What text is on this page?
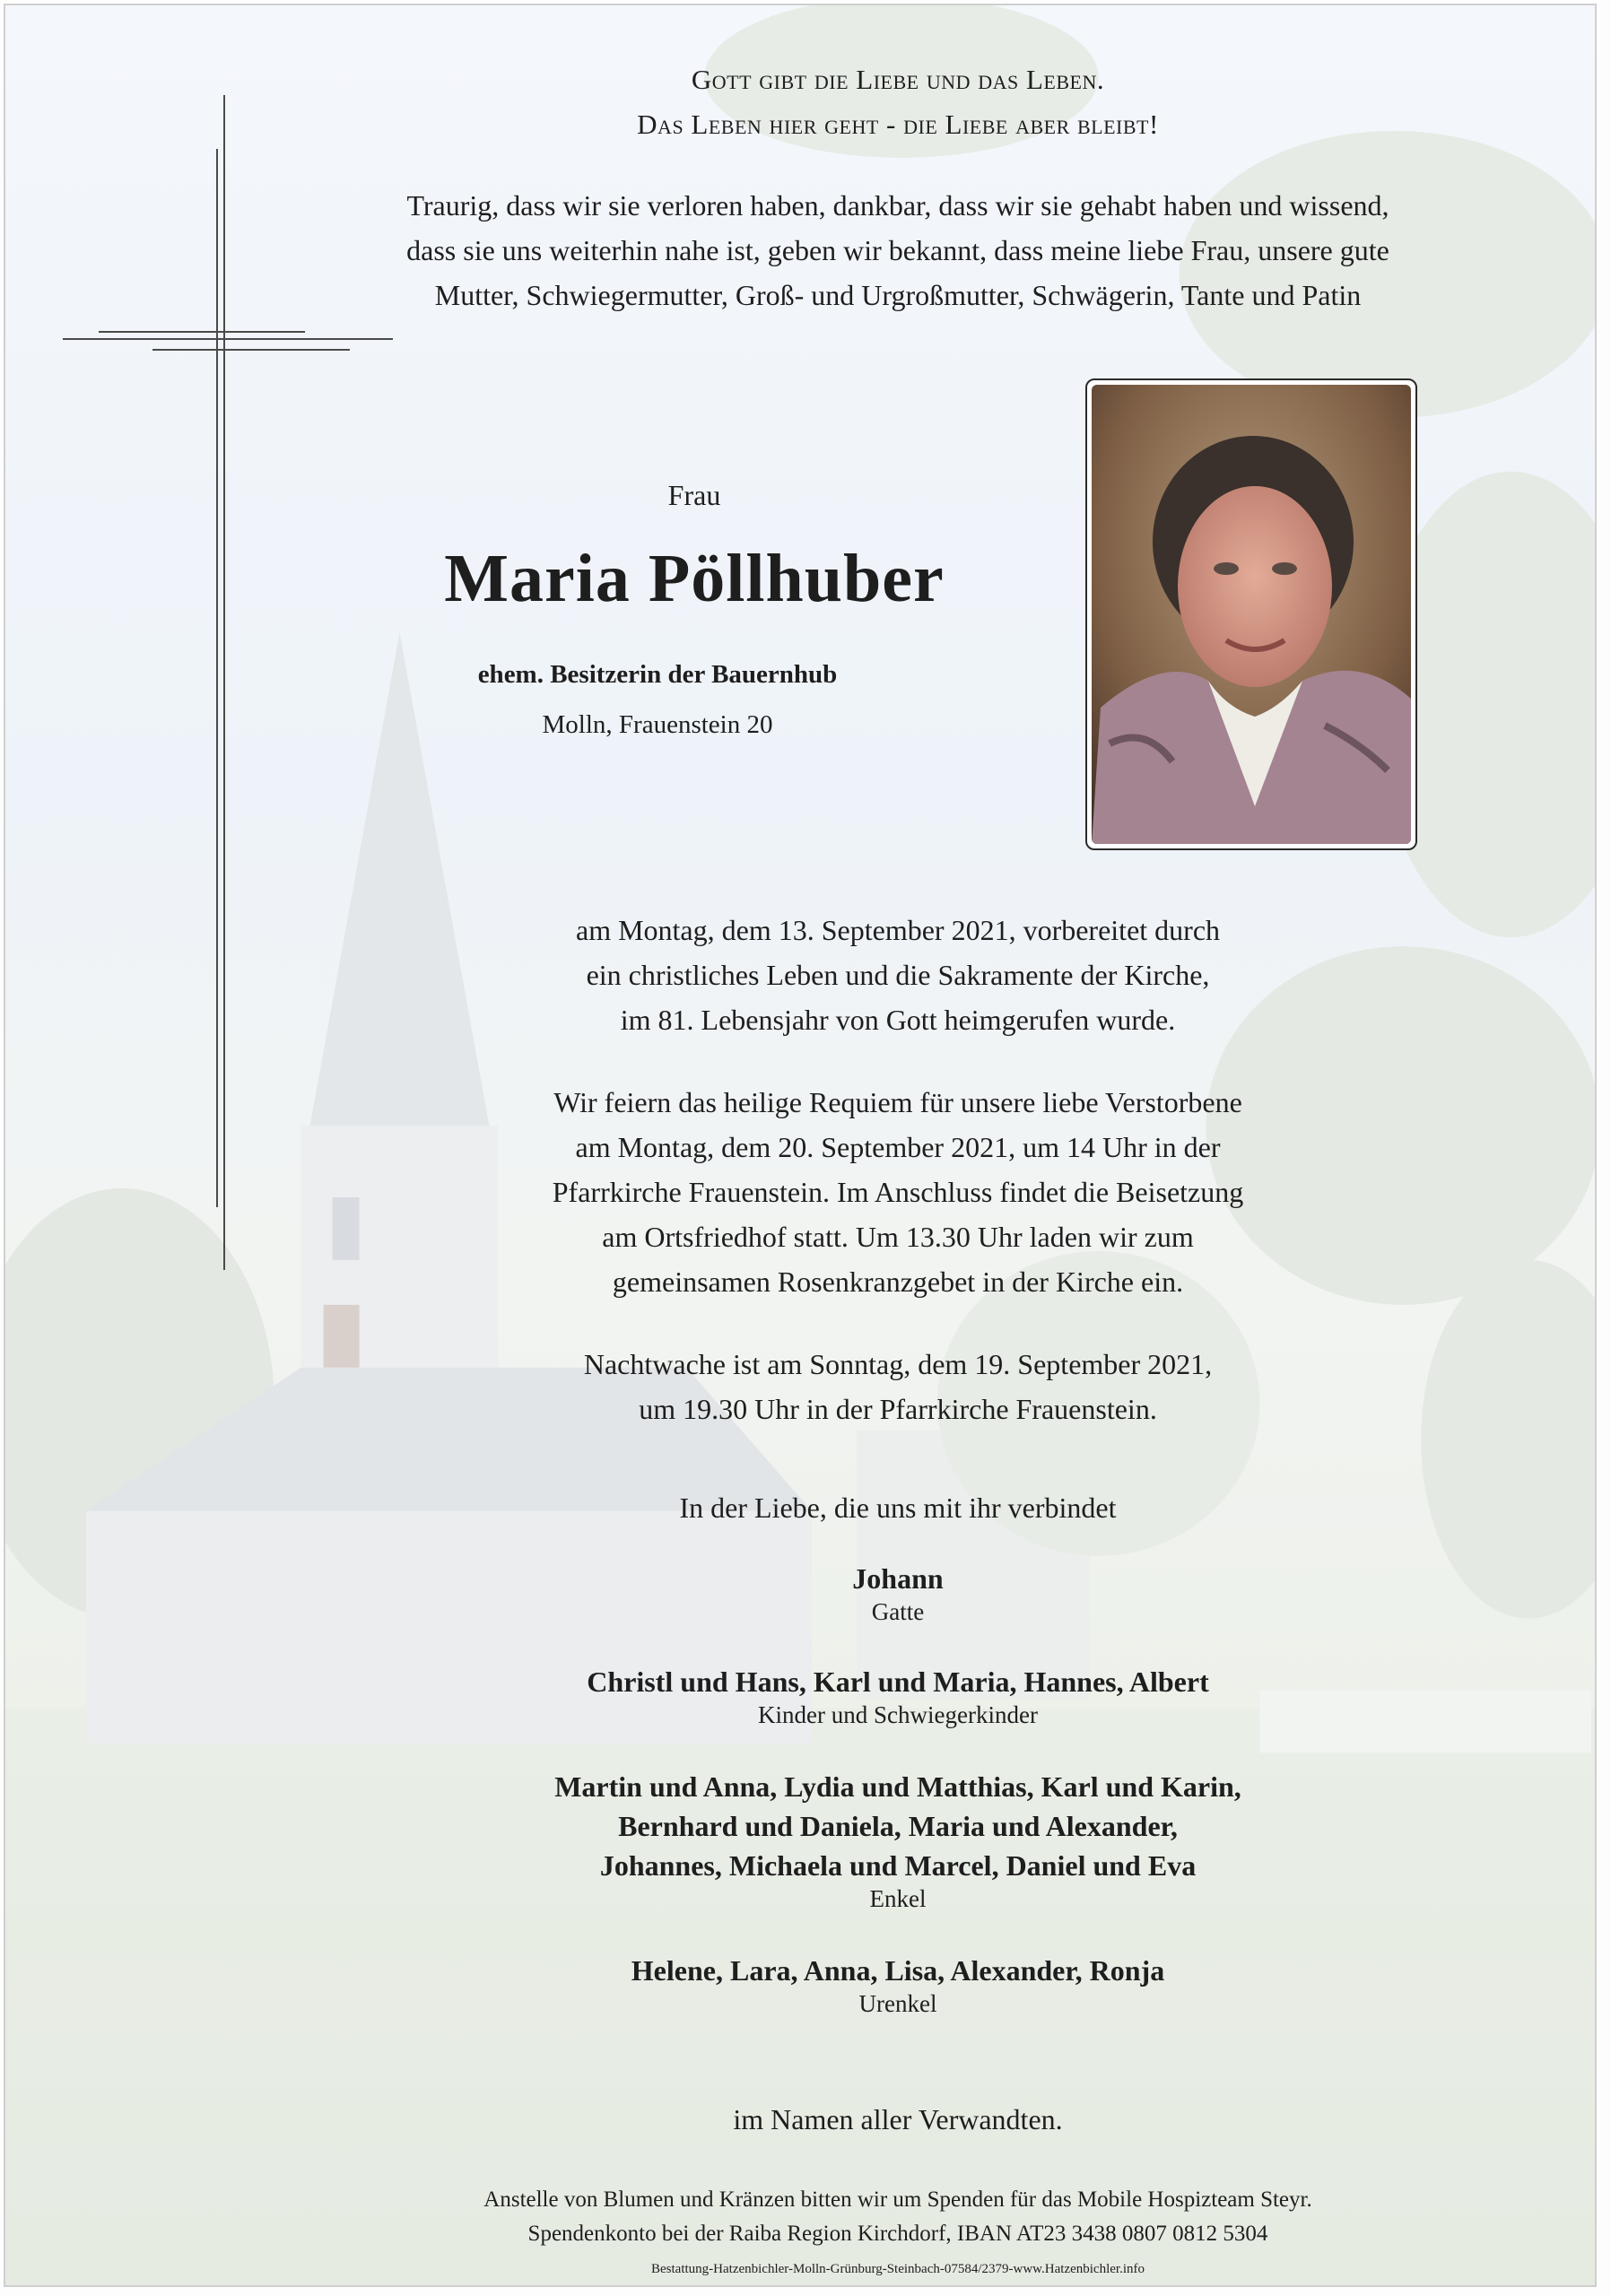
Gott gibt die Liebe und das Leben.
Das Leben hier geht - die Liebe aber bleibt!
Traurig, dass wir sie verloren haben, dankbar, dass wir sie gehabt haben und wissend,
dass sie uns weiterhin nahe ist, geben wir bekannt, dass meine liebe Frau, unsere gute
Mutter, Schwiegermutter, Groß- und Urgroßmutter, Schwägerin, Tante und Patin
Frau
Maria Pöllhuber
ehem. Besitzerin der Bauernhub
Molln, Frauenstein 20
am Montag, dem 13. September 2021, vorbereitet durch
ein christliches Leben und die Sakramente der Kirche,
im 81. Lebensjahr von Gott heimgerufen wurde.
Wir feiern das heilige Requiem für unsere liebe Verstorbene
am Montag, dem 20. September 2021, um 14 Uhr in der
Pfarrkirche Frauenstein. Im Anschluss findet die Beisetzung
am Ortsfriedhof statt. Um 13.30 Uhr laden wir zum
gemeinsamen Rosenkranzgebet in der Kirche ein.
Nachtwache ist am Sonntag, dem 19. September 2021,
um 19.30 Uhr in der Pfarrkirche Frauenstein.
In der Liebe, die uns mit ihr verbindet
Johann
Gatte
Christl und Hans, Karl und Maria, Hannes, Albert
Kinder und Schwiegerkinder
Martin und Anna, Lydia und Matthias, Karl und Karin,
Bernhard und Daniela, Maria und Alexander,
Johannes, Michaela und Marcel, Daniel und Eva
Enkel
Helene, Lara, Anna, Lisa, Alexander, Ronja
Urenkel
im Namen aller Verwandten.
Anstelle von Blumen und Kränzen bitten wir um Spenden für das Mobile Hospizteam Steyr.
Spendenkonto bei der Raiba Region Kirchdorf, IBAN AT23 3438 0807 0812 5304
Bestattung-Hatzenbichler-Molln-Grünburg-Steinbach-07584/2379-www.Hatzenbichler.info
